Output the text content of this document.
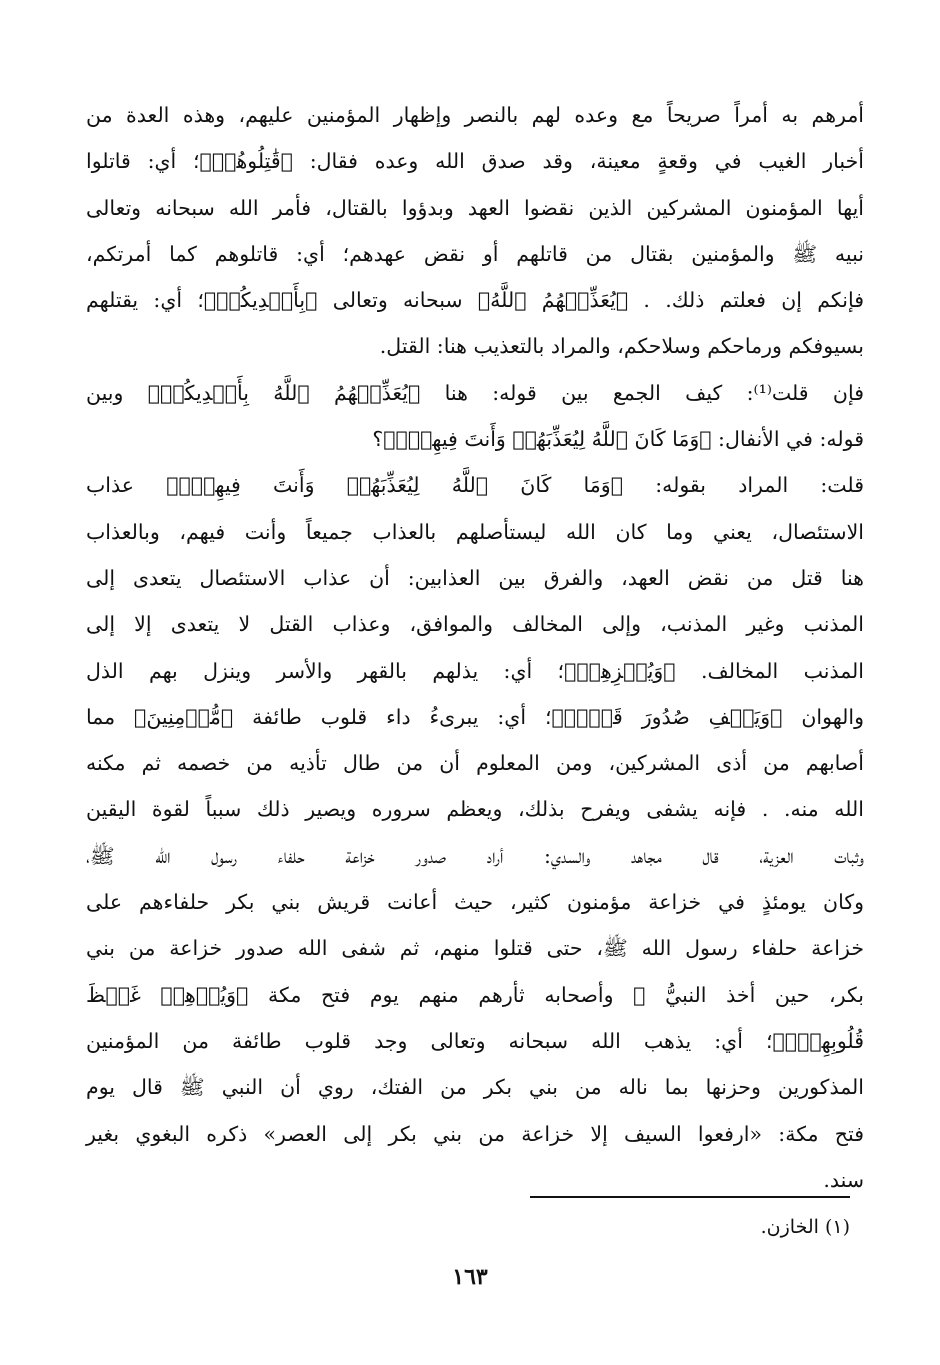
أمرهم به أمراً صريحاً مع وعده لهم بالنصر وإظهار المؤمنين عليهم، وهذه العدة من
أخبار الغيب في وقعةٍ معينة، وقد صدق الله وعده فقال: ﴿قَٰتِلُوهُمۡ﴾؛ أي: قاتلوا
أيها المؤمنون المشركين الذين نقضوا العهد وبدؤوا بالقتال، فأمر الله سبحانه وتعالى
نبيه ﷺ والمؤمنين بقتال من قاتلهم أو نقض عهدهم؛ أي: قاتلوهم كما أمرتكم،
فإنكم إن فعلتم ذلك. . ﴿يُعَذِّبۡهُمُ ٱللَّهُ﴾ سبحانه وتعالى ﴿بِأَيۡدِيكُمۡ﴾؛ أي: يقتلهم
بسيوفكم ورماحكم وسلاحكم، والمراد بالتعذيب هنا: القتل.
فإن قلت⁽¹⁾: كيف الجمع بين قوله: هنا ﴿يُعَذِّبۡهُمُ ٱللَّهُ بِأَيۡدِيكُمۡ﴾ وبين
قوله: في الأنفال: ﴿وَمَا كَانَ ٱللَّهُ لِيُعَذِّبَهُمۡ وَأَنتَ فِيهِمۡۚ﴾؟
قلت: المراد بقوله: ﴿وَمَا كَانَ ٱللَّهُ لِيُعَذِّبَهُمۡ وَأَنتَ فِيهِمۡۚ﴾ عذاب
الاستئصال، يعني وما كان الله ليستأصلهم بالعذاب جميعاً وأنت فيهم، وبالعذاب
هنا قتل من نقض العهد، والفرق بين العذابين: أن عذاب الاستئصال يتعدى إلى
المذنب وغير المذنب، وإلى المخالف والموافق، وعذاب القتل لا يتعدى إلا إلى
المذنب المخالف. ﴿وَيُخۡزِهِمۡ﴾؛ أي: يذلهم بالقهر والأسر وينزل بهم الذل
والهوان ﴿وَيَشۡفِ صُدُورَ قَوۡمٖ﴾؛ أي: يبرىءُ داء قلوب طائفة ﴿مُّؤۡمِنِينَ﴾ مما
أصابهم من أذى المشركين، ومن المعلوم أن من طال تأذيه من خصمه ثم مكنه
الله منه. . فإنه يشفى ويفرح بذلك، ويعظم سروره ويصير ذلك سبباً لقوة اليقين
وثبات العزية، قال مجاهد والسدي: أراد صدور خزاعة حلفاء رسول الله ﷺ،
وكان يومئذٍ في خزاعة مؤمنون كثير، حيث أعانت قريش بني بكر حلفاءهم على
خزاعة حلفاء رسول الله ﷺ، حتى قتلوا منهم، ثم شفى الله صدور خزاعة من بني
بكر، حين أخذ النبيُّ ﷺ وأصحابه ثأرهم منهم يوم فتح مكة ﴿وَيُذۡهِبۡ غَيۡظَ
قُلُوبِهِمۡۗ﴾؛ أي: يذهب الله سبحانه وتعالى وجد قلوب طائفة من المؤمنين
المذكورين وحزنها بما ناله من بني بكر من الفتك، روي أن النبي ﷺ قال يوم
فتح مكة: «ارفعوا السيف إلا خزاعة من بني بكر إلى العصر» ذكره البغوي بغير
سند.
(١) الخازن.
١٦٣
